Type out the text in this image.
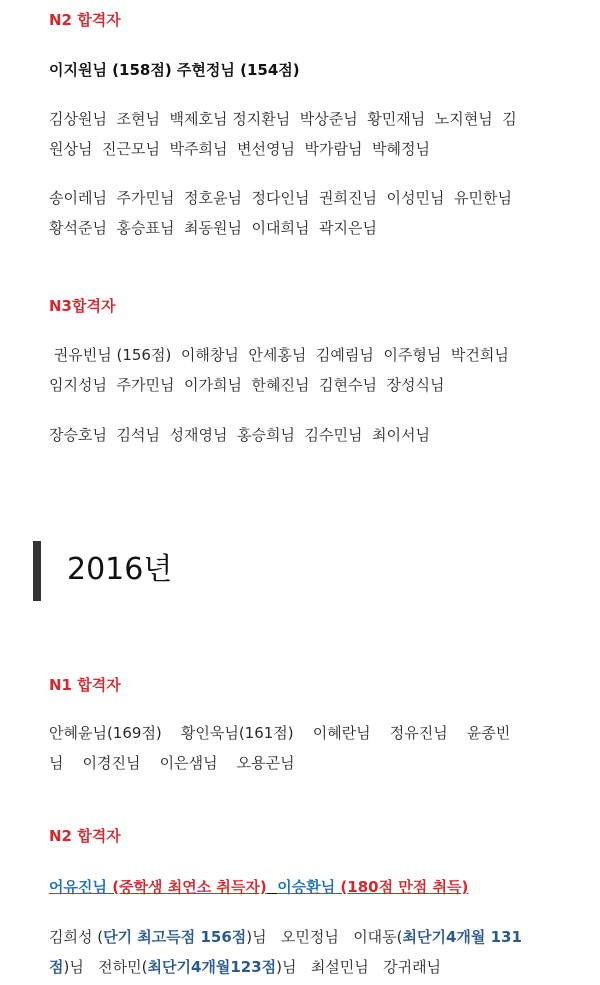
N2 합격자
이지원님 (158점) 주현정님 (154점)
김상원님  조현님  백제호님 정지환님  박상준님  황민재님  노지현님  김
원상님  진근모님  박주희님  변선영님  박가람님  박혜정님
송이레님  주가민님  정호윤님  정다인님  권희진님  이성민님  유민한님
황석준님  홍승표님  최동원님  이대희님  곽지은님
N3합격자
권유빈님 (156점)  이해창님  안세홍님  김예림님  이주형님  박건희님
임지성님  주가민님  이가희님  한혜진님  김현수님  장성식님
장승호님  김석님  성재영님  홍승희님  김수민님  최이서님
2016년
N1 합격자
안혜윤님(169점)    황인욱님(161점)    이혜란님    정유진님    윤종빈
님    이경진님    이은샘님    오용곤님
N2 합격자
어유진님 (중학생 최연소 취득자) 이승환님 (180점 만점 취득)
김희성 (단기 최고득점 156점)님   오민정님   이대동(최단기4개월 131
점)님   전하민(최단기4개월123점)님   최설민님   강귀래님
